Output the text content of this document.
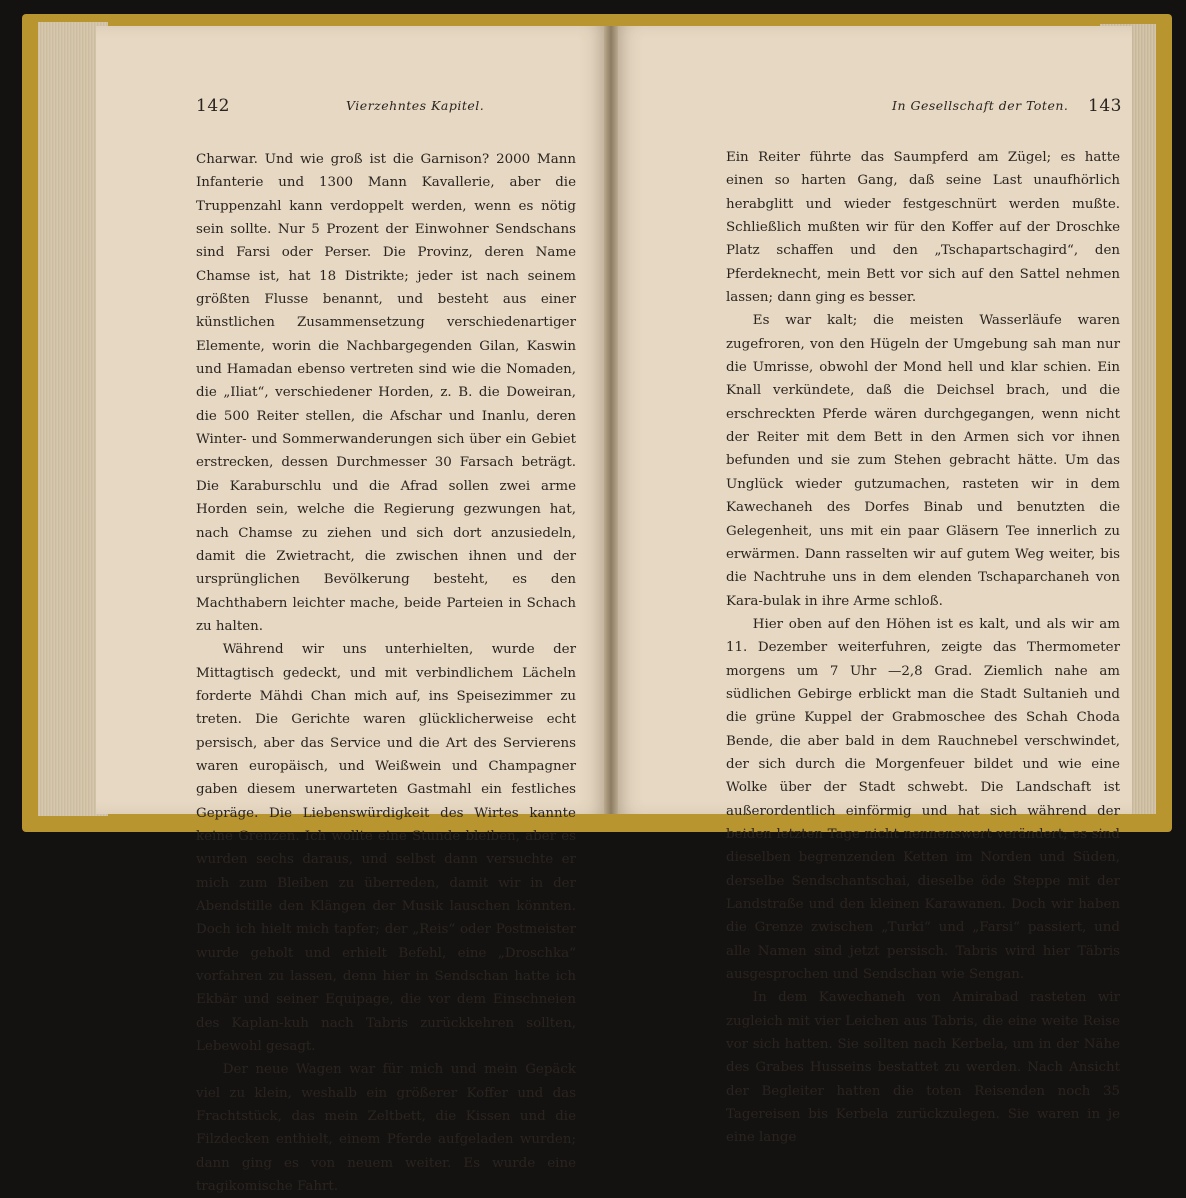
142	Vierzehntes Kapitel.

Charwar. Und wie groß ist die Garnison? 2000 Mann Infanterie und 1300 Mann Kavallerie, aber die Truppenzahl kann verdoppelt werden, wenn es nötig sein sollte. Nur 5 Prozent der Einwohner Sendschans sind Farsi oder Perser. Die Provinz, deren Name Chamse ist, hat 18 Distrikte; jeder ist nach seinem größten Flusse benannt, und besteht aus einer künstlichen Zusammensetzung verschiedenartiger Elemente, worin die Nachbargegenden Gilan, Kaswin und Hamadan ebenso vertreten sind wie die Nomaden, die „Iliat“, verschiedener Horden, z. B. die Doweiran, die 500 Reiter stellen, die Afschar und Inanlu, deren Winter- und Sommerwanderungen sich über ein Gebiet erstrecken, dessen Durchmesser 30 Farsach beträgt. Die Karaburschlu und die Afrad sollen zwei arme Horden sein, welche die Regierung gezwungen hat, nach Chamse zu ziehen und sich dort anzusiedeln, damit die Zwietracht, die zwischen ihnen und der ursprünglichen Bevölkerung besteht, es den Machthabern leichter mache, beide Parteien in Schach zu halten.

Während wir uns unterhielten, wurde der Mittagtisch gedeckt, und mit verbindlichem Lächeln forderte Mähdi Chan mich auf, ins Speisezimmer zu treten. Die Gerichte waren glücklicherweise echt persisch, aber das Service und die Art des Servierens waren europäisch, und Weißwein und Champagner gaben diesem unerwarteten Gastmahl ein festliches Gepräge. Die Liebenswürdigkeit des Wirtes kannte keine Grenzen. Ich wollte eine Stunde bleiben, aber es wurden sechs daraus, und selbst dann versuchte er mich zum Bleiben zu überreden, damit wir in der Abendstille den Klängen der Musik lauschen könnten. Doch ich hielt mich tapfer; der „Reis“ oder Postmeister wurde geholt und erhielt Befehl, eine „Droschka“ vorfahren zu lassen, denn hier in Sendschan hatte ich Ekbär und seiner Equipage, die vor dem Einschneien des Kaplan-kuh nach Tabris zurückkehren sollten, Lebewohl gesagt.

Der neue Wagen war für mich und mein Gepäck viel zu klein, weshalb ein größerer Koffer und das Frachtstück, das mein Zeltbett, die Kissen und die Filzdecken enthielt, einem Pferde aufgeladen wurden; dann ging es von neuem weiter. Es wurde eine tragikomische Fahrt.

In Gesellschaft der Toten. 143

Ein Reiter führte das Saumpferd am Zügel; es hatte einen so harten Gang, daß seine Last unaufhörlich herabglitt und wieder festgeschnürt werden mußte. Schließlich mußten wir für den Koffer auf der Droschke Platz schaffen und den „Tschapartschagird“, den Pferdeknecht, mein Bett vor sich auf den Sattel nehmen lassen; dann ging es besser.

Es war kalt; die meisten Wasserläufe waren zugefroren, von den Hügeln der Umgebung sah man nur die Umrisse, obwohl der Mond hell und klar schien. Ein Knall verkündete, daß die Deichsel brach, und die erschreckten Pferde wären durchgegangen, wenn nicht der Reiter mit dem Bett in den Armen sich vor ihnen befunden und sie zum Stehen gebracht hätte. Um das Unglück wieder gutzumachen, rasteten wir in dem Kawechaneh des Dorfes Binab und benutzten die Gelegenheit, uns mit ein paar Gläsern Tee innerlich zu erwärmen. Dann rasselten wir auf gutem Weg weiter, bis die Nachtruhe uns in dem elenden Tschaparchaneh von Kara-bulak in ihre Arme schloß.

Hier oben auf den Höhen ist es kalt, und als wir am 11. Dezember weiterfuhren, zeigte das Thermometer morgens um 7 Uhr —2,8 Grad. Ziemlich nahe am südlichen Gebirge erblickt man die Stadt Sultanieh und die grüne Kuppel der Grabmoschee des Schah Choda Bende, die aber bald in dem Rauchnebel verschwindet, der sich durch die Morgenfeuer bildet und wie eine Wolke über der Stadt schwebt. Die Landschaft ist außerordentlich einförmig und hat sich während der beiden letzten Tage nicht nennenswert verändert; es sind dieselben begrenzenden Ketten im Norden und Süden, derselbe Sendschantschai, dieselbe öde Steppe mit der Landstraße und den kleinen Karawanen. Doch wir haben die Grenze zwischen „Turki“ und „Farsi“ passiert, und alle Namen sind jetzt persisch. Tabris wird hier Täbris ausgesprochen und Sendschan wie Sengan.

In dem Kawechaneh von Amirabad rasteten wir zugleich mit vier Leichen aus Tabris, die eine weite Reise vor sich hatten. Sie sollten nach Kerbela, um in der Nähe des Grabes Husseins bestattet zu werden. Nach Ansicht der Begleiter hatten die toten Reisenden noch 35 Tagereisen bis Kerbela zurückzulegen. Sie waren in je eine lange
